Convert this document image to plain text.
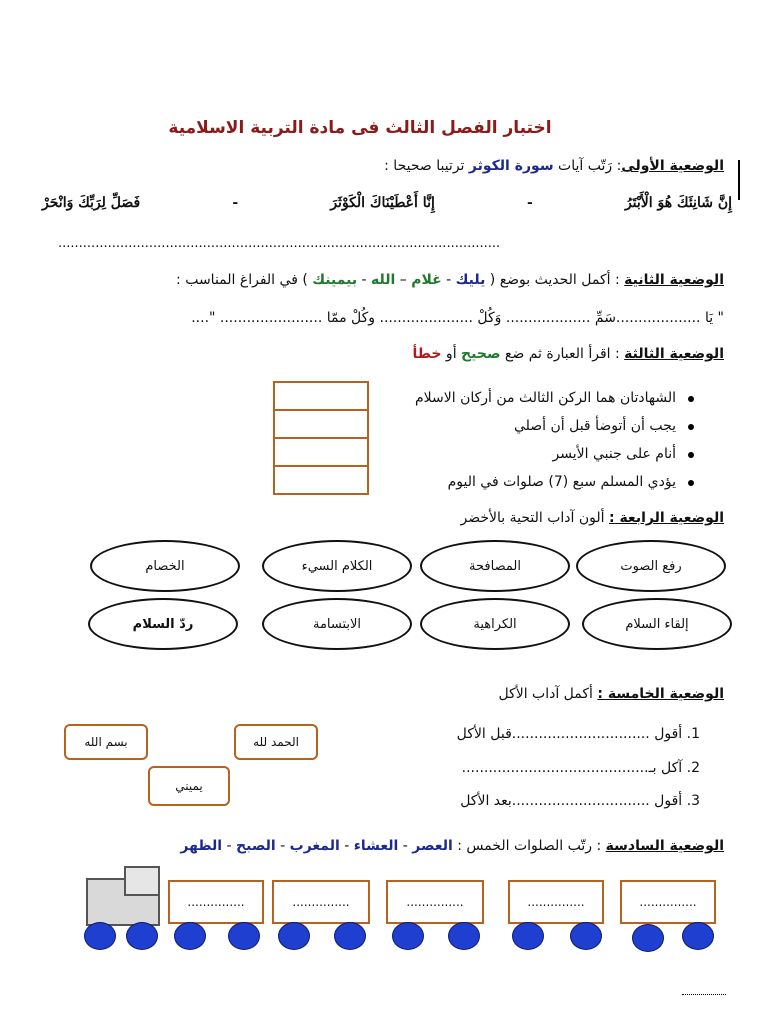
اختبار الفصل الثالث فى مادة التربية الاسلامية
الوضعية الأولى: رَتّب آيات سورة الكوثر ترتيبا صحيحا :
إِنَّ شَانِئَكَ هُوَ الْأَبْتَرُ
-
إِنَّا أَعْطَيْنَاكَ الْكَوْثَرَ
-
فَصَلِّ لِرَبِّكَ وَانْحَرْ
...........................................................................................................
الوضعية الثانية : أكمل الحديث بوضع ( يليك - غلام – الله - بيمينك ) في الفراغ المناسب :
" يَا ...................سَمِّ ................... وَكُلْ ..................... وكُلْ ممّا ....................... "....
الوضعية الثالثة : اقرأ العبارة ثم ضع صحيح أو خطأ
الشهادتان هما الركن الثالث من أركان الاسلام
يجب أن أتوضأ قبل أن أصلي
أنام على جنبي الأيسر
يؤدي المسلم سبع (7) صلوات في اليوم
الوضعية الرابعة : ألون آداب التحية بالأخضر
رفع الصوت
المصافحة
الكلام السيء
الخصام
إلقاء السلام
الكراهية
الابتسامة
ردّ السلام
الوضعية الخامسة : أكمل آداب الأكل
1. أقول ...............................قبل الأكل
2. آكل بـ..........................................
3. أقول ...............................بعد الأكل
بسم الله	الحمد لله
يميني
الوضعية السادسة : رتّب الصلوات الخمس : العصر - العشاء - المغرب - الصبح - الظهر
...............	...............	...............	...............	...............
